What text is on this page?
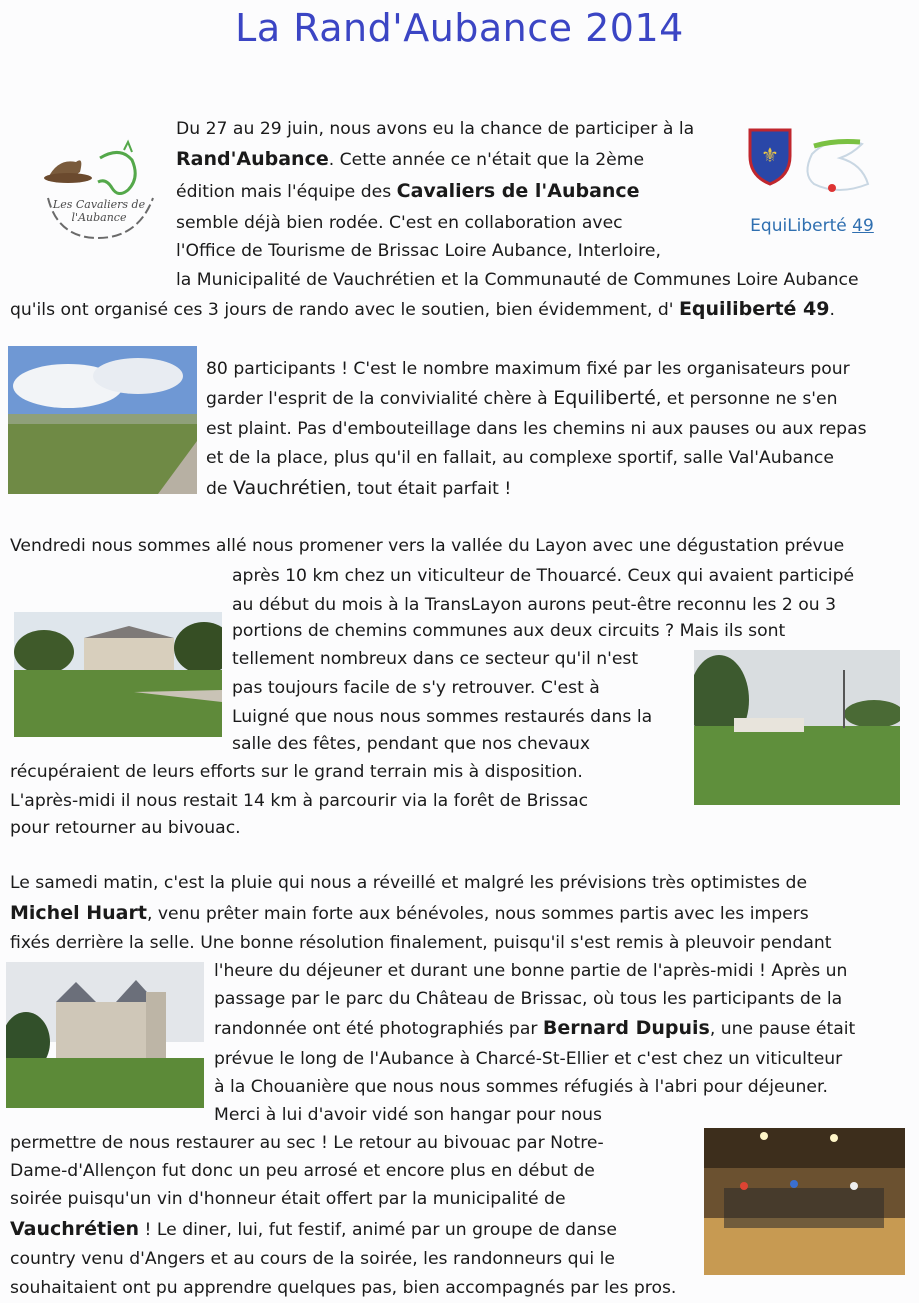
La Rand'Aubance 2014
Les Cavaliers de l'Aubance
⚜
EquiLiberté 49
Du 27 au 29 juin, nous avons eu la chance de participer à la
Rand'Aubance. Cette année ce n'était que la 2ème
édition mais l'équipe des Cavaliers de l'Aubance
semble déjà bien rodée. C'est en collaboration avec
l'Office de Tourisme de Brissac Loire Aubance, Interloire,
la Municipalité de Vauchrétien et la Communauté de Communes Loire Aubance
qu'ils ont organisé ces 3 jours de rando avec le soutien, bien évidemment, d' Equiliberté 49.
80 participants ! C'est le nombre maximum fixé par les organisateurs pour
garder l'esprit de la convivialité chère à Equiliberté, et personne ne s'en
est plaint. Pas d'embouteillage dans les chemins ni aux pauses ou aux repas
et de la place, plus qu'il en fallait, au complexe sportif, salle Val'Aubance
de Vauchrétien, tout était parfait !
Vendredi nous sommes allé nous promener vers la vallée du Layon avec une dégustation prévue
après 10 km chez un viticulteur de Thouarcé. Ceux qui avaient participé
au début du mois à la TransLayon aurons peut-être reconnu les 2 ou 3
portions de chemins communes aux deux circuits ? Mais ils sont
tellement nombreux dans ce secteur qu'il n'est
pas toujours facile de s'y retrouver. C'est à
Luigné que nous nous sommes restaurés dans la
salle des fêtes, pendant que nos chevaux
récupéraient de leurs efforts sur le grand terrain mis à disposition.
L'après-midi il nous restait 14 km à parcourir via la forêt de Brissac
pour retourner au bivouac.
Le samedi matin, c'est la pluie qui nous a réveillé et malgré les prévisions très optimistes de
Michel Huart, venu prêter main forte aux bénévoles, nous sommes partis avec les impers
fixés derrière la selle. Une bonne résolution finalement, puisqu'il s'est remis à pleuvoir pendant
l'heure du déjeuner et durant une bonne partie de l'après-midi ! Après un
passage par le parc du Château de Brissac, où tous les participants de la
randonnée ont été photographiés par Bernard Dupuis, une pause était
prévue le long de l'Aubance à Charcé-St-Ellier et c'est chez un viticulteur
à la Chouanière que nous nous sommes réfugiés à l'abri pour déjeuner.
Merci à lui d'avoir vidé son hangar pour nous
permettre de nous restaurer au sec ! Le retour au bivouac par Notre-
Dame-d'Allençon fut donc un peu arrosé et encore plus en début de
soirée puisqu'un vin d'honneur était offert par la municipalité de
Vauchrétien ! Le diner, lui, fut festif, animé par un groupe de danse
country venu d'Angers et au cours de la soirée, les randonneurs qui le
souhaitaient ont pu apprendre quelques pas, bien accompagnés par les pros.
